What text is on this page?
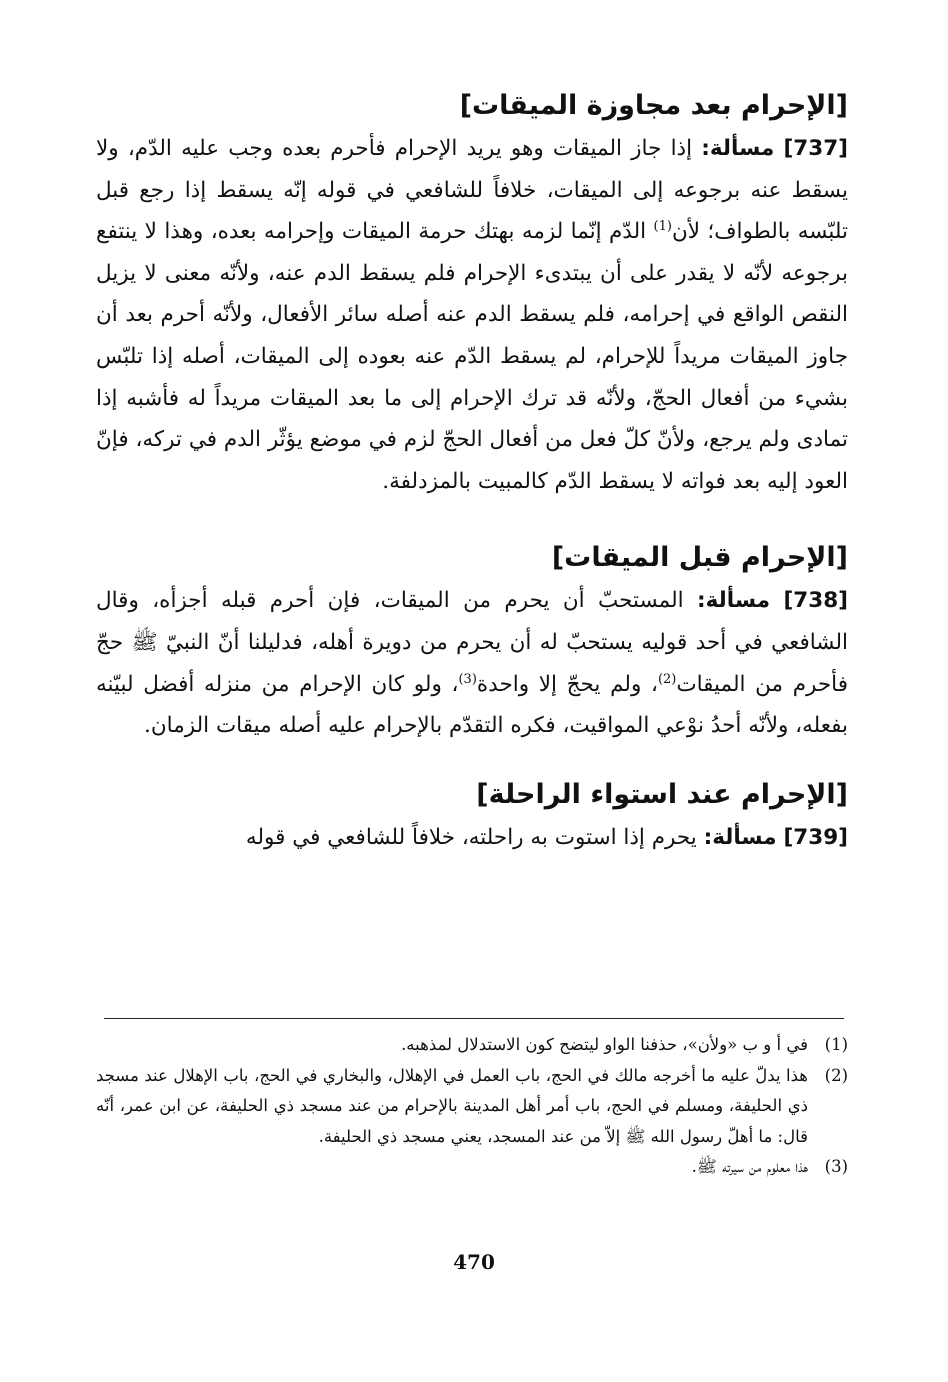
[الإحرام بعد مجاوزة الميقات]

[737] مسألة: إذا جاز الميقات وهو يريد الإحرام فأحرم بعده وجب عليه الدّم، ولا يسقط عنه برجوعه إلى الميقات، خلافاً للشافعي في قوله إنّه يسقط إذا رجع قبل تلبّسه بالطواف؛ لأن$^{(1)}$ الدّم إنّما لزمه بهتك حرمة الميقات وإحرامه بعده، وهذا لا ينتفع برجوعه لأنّه لا يقدر على أن يبتدىء الإحرام فلم يسقط الدم عنه، ولأنّه معنى لا يزيل النقص الواقع في إحرامه، فلم يسقط الدم عنه أصله سائر الأفعال، ولأنّه أحرم بعد أن جاوز الميقات مريداً للإحرام، لم يسقط الدّم عنه بعوده إلى الميقات، أصله إذا تلبّس بشيء من أفعال الحجّ، ولأنّه قد ترك الإحرام إلى ما بعد الميقات مريداً له فأشبه إذا تمادى ولم يرجع، ولأنّ كلّ فعل من أفعال الحجّ لزم في موضع يؤثّر الدم في تركه، فإنّ العود إليه بعد فواته لا يسقط الدّم كالمبيت بالمزدلفة.

[الإحرام قبل الميقات]

[738] مسألة: المستحبّ أن يحرم من الميقات، فإن أحرم قبله أجزأه، وقال الشافعي في أحد قوليه يستحبّ له أن يحرم من دويرة أهله، فدليلنا أنّ النبيّ ﷺ حجّ فأحرم من الميقات$^{(2)}$، ولم يحجّ إلا واحدة$^{(3)}$، ولو كان الإحرام من منزله أفضل لبيّنه بفعله، ولأنّه أحدُ نوْعي المواقيت، فكره التقدّم بالإحرام عليه أصله ميقات الزمان.

[الإحرام عند استواء الراحلة]

[739] مسألة: يحرم إذا استوت به راحلته، خلافاً للشافعي في قوله

(1)
في أ و ب «ولأن»، حذفنا الواو ليتضح كون الاستدلال لمذهبه.
(2)
هذا يدلّ عليه ما أخرجه مالك في الحج، باب العمل في الإهلال، والبخاري في الحج، باب الإهلال عند مسجد ذي الحليفة، ومسلم في الحج، باب أمر أهل المدينة بالإحرام من عند مسجد ذي الحليفة، عن ابن عمر، أنّه قال: ما أهلّ رسول الله ﷺ إلاّ من عند المسجد، يعني مسجد ذي الحليفة.
(3)
هذا معلوم من سيرته ﷺ.
470
